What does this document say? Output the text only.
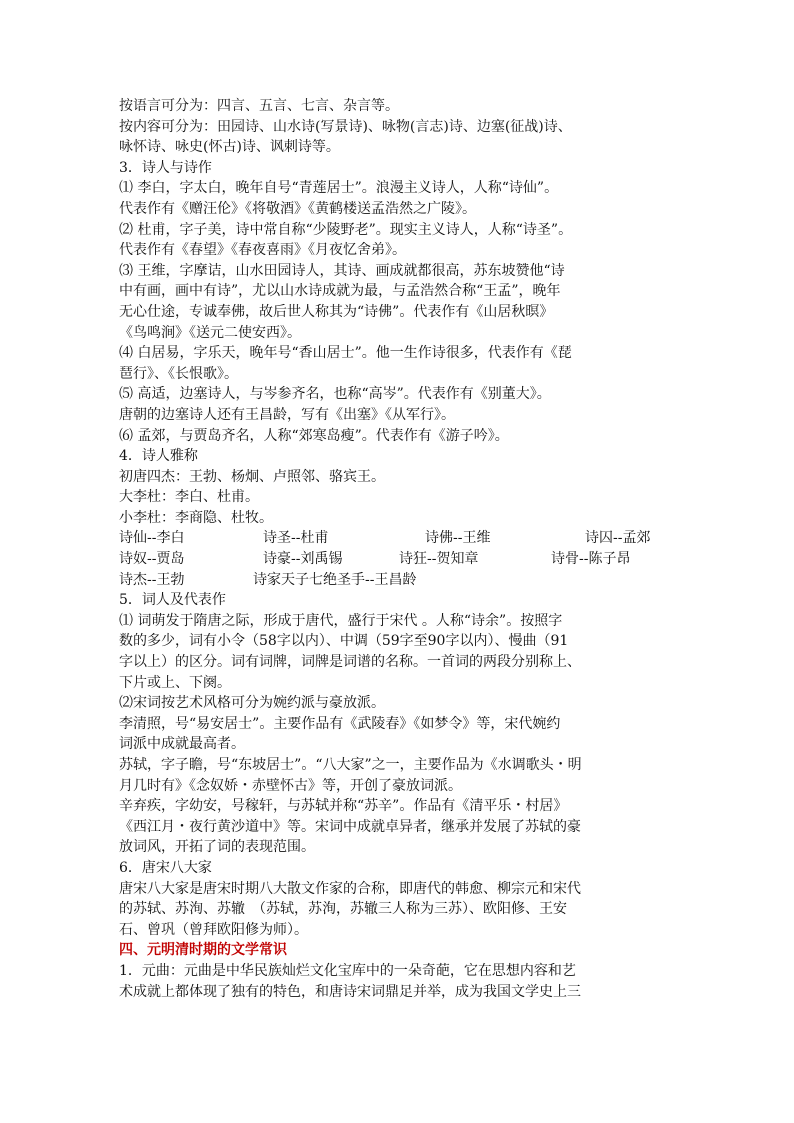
按语言可分为：四言、五言、七言、杂言等。
按内容可分为：田园诗、山水诗(写景诗)、咏物(言志)诗、边塞(征战)诗、
咏怀诗、咏史(怀古)诗、讽刺诗等。
3．诗人与诗作
⑴ 李白，字太白，晚年自号“青莲居士”。浪漫主义诗人，人称“诗仙”。
代表作有《赠汪伦》《将敬酒》《黄鹤楼送孟浩然之广陵》。
⑵ 杜甫，字子美，诗中常自称“少陵野老”。现实主义诗人，人称“诗圣”。
代表作有《春望》《春夜喜雨》《月夜忆舍弟》。
⑶ 王维，字摩诘，山水田园诗人，其诗、画成就都很高，苏东坡赞他“诗
中有画，画中有诗”，尤以山水诗成就为最，与孟浩然合称“王孟”，晚年
无心仕途，专诚奉佛，故后世人称其为“诗佛”。代表作有《山居秋暝》
《鸟鸣涧》《送元二使安西》。
⑷ 白居易，字乐天，晚年号“香山居士”。他一生作诗很多，代表作有《琵
琶行》、《长恨歌》。
⑸ 高适，边塞诗人，与岑参齐名，也称“高岑”。代表作有《别董大》。
唐朝的边塞诗人还有王昌龄，写有《出塞》《从军行》。
⑹ 孟郊，与贾岛齐名，人称“郊寒岛瘦”。代表作有《游子吟》。
4．诗人雅称
初唐四杰：王勃、杨炯、卢照邻、骆宾王。
大李杜：李白、杜甫。
小李杜：李商隐、杜牧。
诗仙--李白	诗圣--杜甫	诗佛--王维	诗囚--孟郊
诗奴--贾岛	诗豪--刘禹锡	诗狂--贺知章	诗骨--陈子昂
诗杰--王勃	诗家天子七绝圣手--王昌龄
5．词人及代表作
⑴ 词萌发于隋唐之际，形成于唐代，盛行于宋代 。人称“诗余”。按照字
数的多少，词有小令（58字以内）、中调（59字至90字以内）、慢曲（91
字以上）的区分。词有词牌，词牌是词谱的名称。一首词的两段分别称上、
下片或上、下阕。
⑵宋词按艺术风格可分为婉约派与豪放派。
李清照，号“易安居士”。主要作品有《武陵春》《如梦令》等，宋代婉约
词派中成就最高者。
苏轼，字子瞻，号“东坡居士”。“八大家”之一，主要作品为《水调歌头・明
月几时有》《念奴娇・赤壁怀古》等，开创了豪放词派。
辛弃疾，字幼安，号稼轩，与苏轼并称“苏辛”。作品有《清平乐・村居》
《西江月・夜行黄沙道中》等。宋词中成就卓异者，继承并发展了苏轼的豪
放词风，开拓了词的表现范围。
6．唐宋八大家
唐宋八大家是唐宋时期八大散文作家的合称，即唐代的韩愈、柳宗元和宋代
的苏轼、苏洵、苏辙　（苏轼，苏洵，苏辙三人称为三苏）、欧阳修、王安
石、曾巩（曾拜欧阳修为师）。
四、元明清时期的文学常识
1．元曲：元曲是中华民族灿烂文化宝库中的一朵奇葩，它在思想内容和艺
术成就上都体现了独有的特色，和唐诗宋词鼎足并举，成为我国文学史上三
